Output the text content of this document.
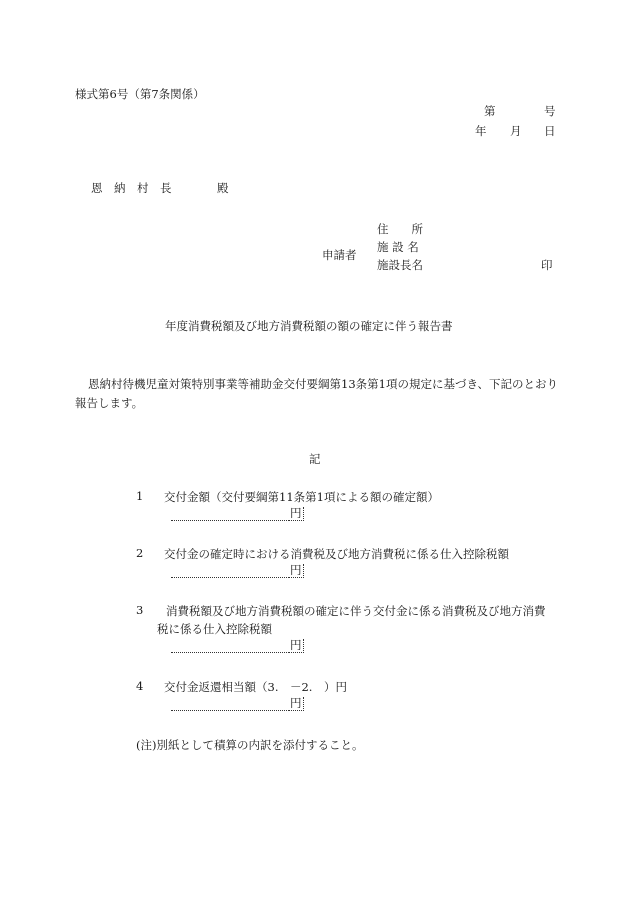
様式第6号（第7条関係）
第	号
年 月 日
恩　納　村　長	殿
申請者
住　　所
施 設 名
施設長名	印
年度消費税額及び地方消費税額の額の確定に伴う報告書
恩納村待機児童対策特別事業等補助金交付要綱第13条第1項の規定に基づき、下記のとおり報告します。
記
1 交付金額（交付要綱第11条第1項による額の確定額）
円
2 交付金の確定時における消費税及び地方消費税に係る仕入控除税額
円
3 消費税額及び地方消費税額の確定に伴う交付金に係る消費税及び地方消費
税に係る仕入控除税額
円
4 交付金返還相当額（3.　－2.　）円
円
(注)別紙として積算の内訳を添付すること。
